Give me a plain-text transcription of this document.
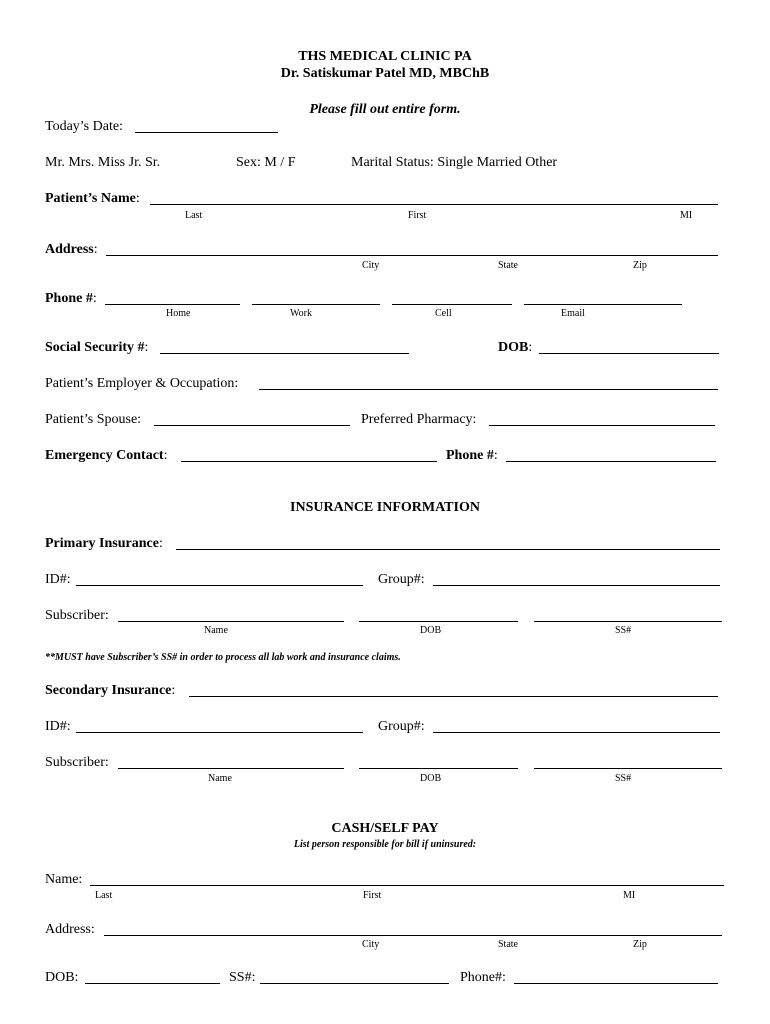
THS MEDICAL CLINIC PA
Dr. Satiskumar Patel MD, MBChB
Please fill out entire form.
Today’s Date:
Mr. Mrs. Miss Jr. Sr.	Sex: M / F	Marital Status: Single Married Other
Patient’s Name:
Last	First	MI
Address:
City	State	Zip
Phone #:
Home	Work	Cell	Email
Social Security #:	DOB:
Patient’s Employer & Occupation:
Patient’s Spouse:	Preferred Pharmacy:
Emergency Contact:	Phone #:
INSURANCE INFORMATION
Primary Insurance:
ID#:	Group#:
Subscriber:
Name	DOB	SS#
**MUST have Subscriber’s SS# in order to process all lab work and insurance claims.
Secondary Insurance:
ID#:	Group#:
Subscriber:
Name	DOB	SS#
CASH/SELF PAY
List person responsible for bill if uninsured:
Name:
Last	First	MI
Address:
City	State	Zip
DOB:	SS#:	Phone#:
